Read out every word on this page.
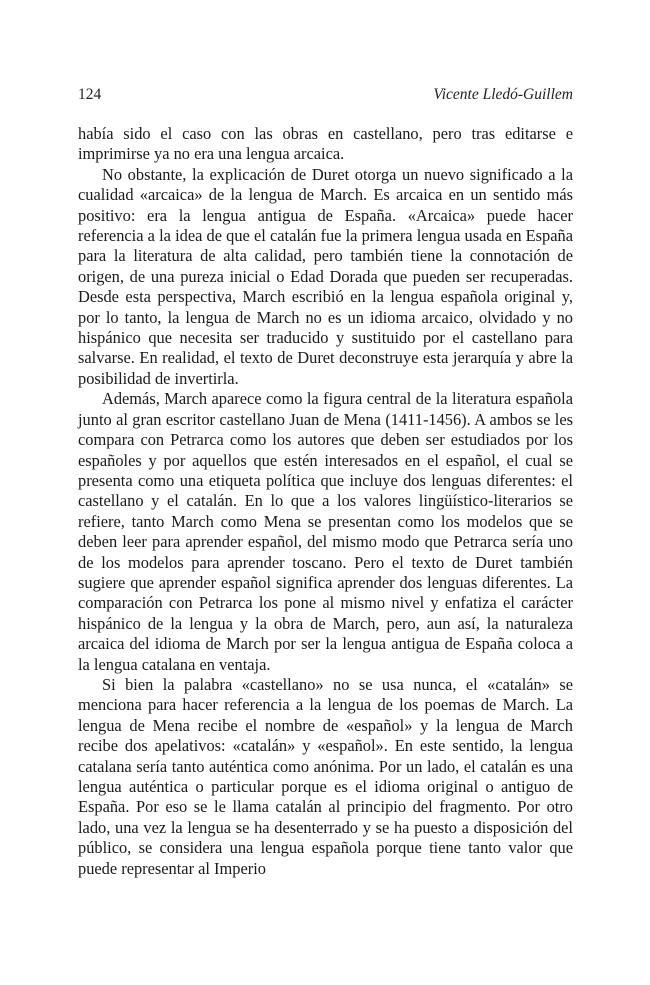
124	Vicente Lledó-Guillem

había sido el caso con las obras en castellano, pero tras editarse e imprimirse ya no era una lengua arcaica.

No obstante, la explicación de Duret otorga un nuevo significado a la cualidad «arcaica» de la lengua de March. Es arcaica en un sentido más positivo: era la lengua antigua de España. «Arcaica» puede hacer referencia a la idea de que el catalán fue la primera lengua usada en España para la literatura de alta calidad, pero también tiene la connotación de origen, de una pureza inicial o Edad Dorada que pueden ser recuperadas. Desde esta perspectiva, March escribió en la lengua española original y, por lo tanto, la lengua de March no es un idioma arcaico, olvidado y no hispánico que necesita ser traducido y sustituido por el castellano para salvarse. En realidad, el texto de Duret deconstruye esta jerarquía y abre la posibilidad de invertirla.

Además, March aparece como la figura central de la literatura española junto al gran escritor castellano Juan de Mena (1411-1456). A ambos se les compara con Petrarca como los autores que deben ser estudiados por los españoles y por aquellos que estén interesados en el español, el cual se presenta como una etiqueta política que incluye dos lenguas diferentes: el castellano y el catalán. En lo que a los valores lingüístico-literarios se refiere, tanto March como Mena se presentan como los modelos que se deben leer para aprender español, del mismo modo que Petrarca sería uno de los modelos para aprender toscano. Pero el texto de Duret también sugiere que aprender español significa aprender dos lenguas diferentes. La comparación con Petrarca los pone al mismo nivel y enfatiza el carácter hispánico de la lengua y la obra de March, pero, aun así, la naturaleza arcaica del idioma de March por ser la lengua antigua de España coloca a la lengua catalana en ventaja.

Si bien la palabra «castellano» no se usa nunca, el «catalán» se menciona para hacer referencia a la lengua de los poemas de March. La lengua de Mena recibe el nombre de «español» y la lengua de March recibe dos apelativos: «catalán» y «español». En este sentido, la lengua catalana sería tanto auténtica como anónima. Por un lado, el catalán es una lengua auténtica o particular porque es el idioma original o antiguo de España. Por eso se le llama catalán al principio del fragmento. Por otro lado, una vez la lengua se ha desenterrado y se ha puesto a disposición del público, se considera una lengua española porque tiene tanto valor que puede representar al Imperio
